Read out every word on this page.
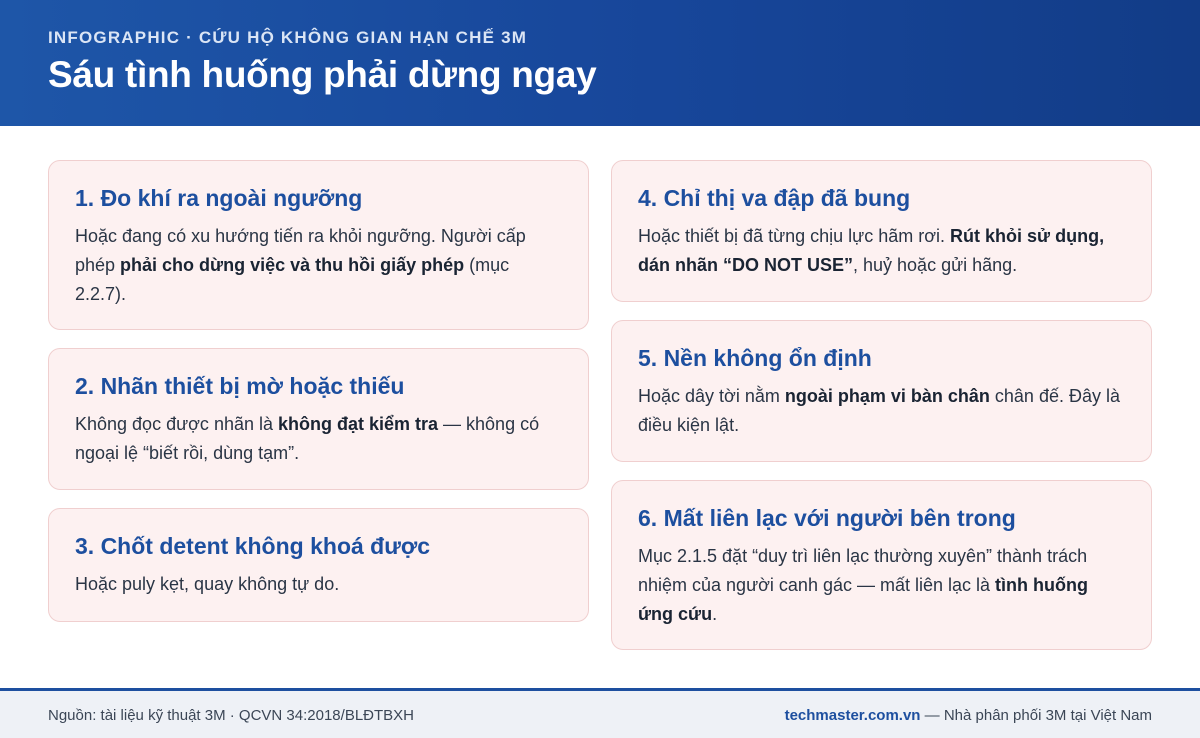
INFOGRAPHIC · CỨU HỘ KHÔNG GIAN HẠN CHẾ 3M
Sáu tình huống phải dừng ngay
1. Đo khí ra ngoài ngưỡng
Hoặc đang có xu hướng tiến ra khỏi ngưỡng. Người cấp phép phải cho dừng việc và thu hồi giấy phép (mục 2.2.7).
2. Nhãn thiết bị mờ hoặc thiếu
Không đọc được nhãn là không đạt kiểm tra — không có ngoại lệ “biết rồi, dùng tạm”.
3. Chốt detent không khoá được
Hoặc puly kẹt, quay không tự do.
4. Chỉ thị va đập đã bung
Hoặc thiết bị đã từng chịu lực hãm rơi. Rút khỏi sử dụng, dán nhãn “DO NOT USE”, huỷ hoặc gửi hãng.
5. Nền không ổn định
Hoặc dây tời nằm ngoài phạm vi bàn chân chân đế. Đây là điều kiện lật.
6. Mất liên lạc với người bên trong
Mục 2.1.5 đặt “duy trì liên lạc thường xuyên” thành trách nhiệm của người canh gác — mất liên lạc là tình huống ứng cứu.
Nguồn: tài liệu kỹ thuật 3M · QCVN 34:2018/BLĐTBXH	techmaster.com.vn — Nhà phân phối 3M tại Việt Nam
